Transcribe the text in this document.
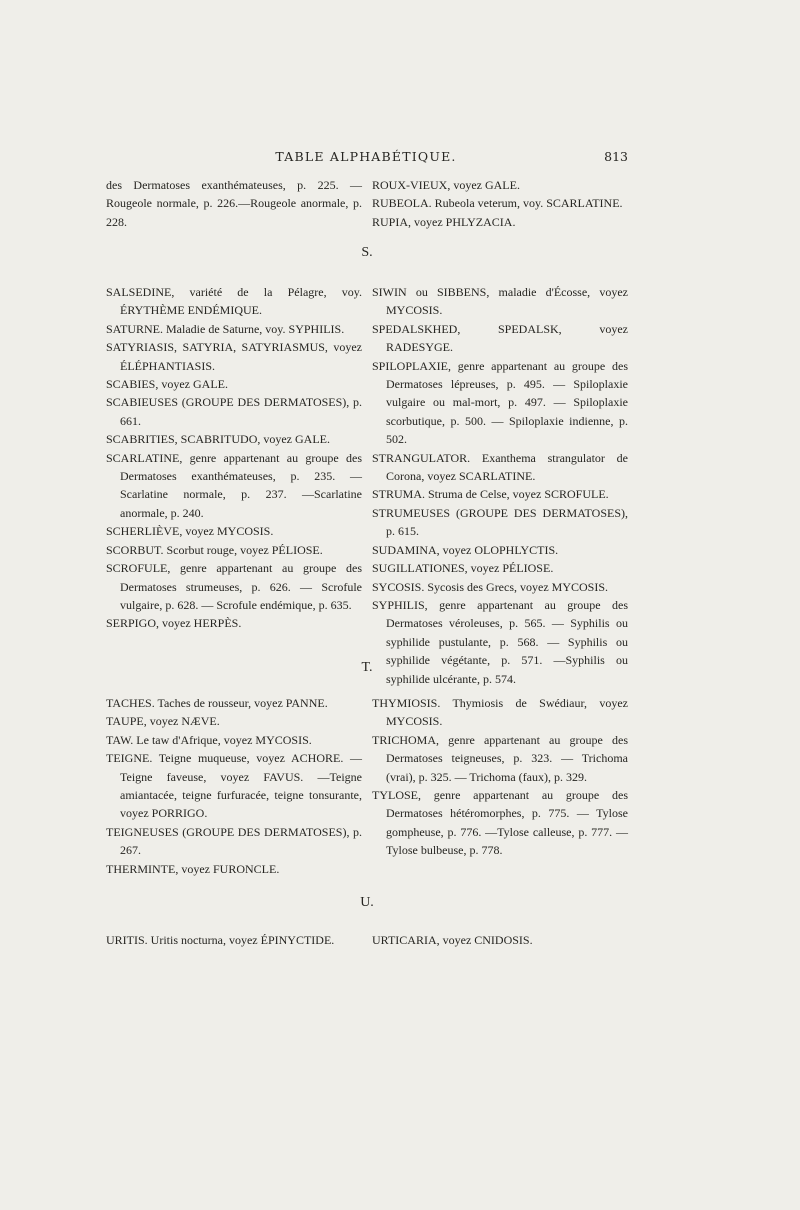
TABLE ALPHABÉTIQUE.	813
des Dermatoses exanthémateuses, p. 225. —Rougeole normale, p. 226.—Rougeole anormale, p. 228.
ROUX-VIEUX, voyez GALE.
RUBEOLA. Rubeola veterum, voy. SCARLATINE.
RUPIA, voyez PHLYZACIA.
S.
SALSEDINE, variété de la Pélagre, voy. ÉRYTHÈME ENDÉMIQUE.
SATURNE. Maladie de Saturne, voy. SYPHILIS.
SATYRIASIS, SATYRIA, SATYRIASMUS, voyez ÉLÉPHANTIASIS.
SCABIES, voyez GALE.
SCABIEUSES (GROUPE DES DERMATOSES), p. 661.
SCABRITIES, SCABRITUDO, voyez GALE.
SCARLATINE, genre appartenant au groupe des Dermatoses exanthémateuses, p. 235. — Scarlatine normale, p. 237. —Scarlatine anormale, p. 240.
SCHERLIÈVE, voyez MYCOSIS.
SCORBUT. Scorbut rouge, voyez PÉLIOSE.
SCROFULE, genre appartenant au groupe des Dermatoses strumeuses, p. 626. — Scrofule vulgaire, p. 628. — Scrofule endémique, p. 635.
SERPIGO, voyez HERPÈS.
SIWIN ou SIBBENS, maladie d'Écosse, voyez MYCOSIS.
SPEDALSKHED, SPEDALSK, voyez RADESYGE.
SPILOPLAXIE, genre appartenant au groupe des Dermatoses lépreuses, p. 495. — Spiloplaxie vulgaire ou mal-mort, p. 497. — Spiloplaxie scorbutique, p. 500. — Spiloplaxie indienne, p. 502.
STRANGULATOR. Exanthema strangulator de Corona, voyez SCARLATINE.
STRUMA. Struma de Celse, voyez SCROFULE.
STRUMEUSES (GROUPE DES DERMATOSES), p. 615.
SUDAMINA, voyez OLOPHLYCTIS.
SUGILLATIONES, voyez PÉLIOSE.
SYCOSIS. Sycosis des Grecs, voyez MYCOSIS.
SYPHILIS, genre appartenant au groupe des Dermatoses véroleuses, p. 565. — Syphilis ou syphilide pustulante, p. 568. — Syphilis ou syphilide végétante, p. 571. —Syphilis ou syphilide ulcérante, p. 574.
T.
TACHES. Taches de rousseur, voyez PANNE.
TAUPE, voyez NÆVE.
TAW. Le taw d'Afrique, voyez MYCOSIS.
TEIGNE. Teigne muqueuse, voyez ACHORE. —Teigne faveuse, voyez FAVUS. —Teigne amiantacée, teigne furfuracée, teigne tonsurante, voyez PORRIGO.
TEIGNEUSES (GROUPE DES DERMATOSES), p. 267.
THERMINTE, voyez FURONCLE.
THYMIOSIS. Thymiosis de Swédiaur, voyez MYCOSIS.
TRICHOMA, genre appartenant au groupe des Dermatoses teigneuses, p. 323. — Trichoma (vrai), p. 325. — Trichoma (faux), p. 329.
TYLOSE, genre appartenant au groupe des Dermatoses hétéromorphes, p. 775. — Tylose gompheuse, p. 776. —Tylose calleuse, p. 777. —Tylose bulbeuse, p. 778.
U.
URITIS. Uritis nocturna, voyez ÉPINYCTIDE.	URTICARIA, voyez CNIDOSIS.
